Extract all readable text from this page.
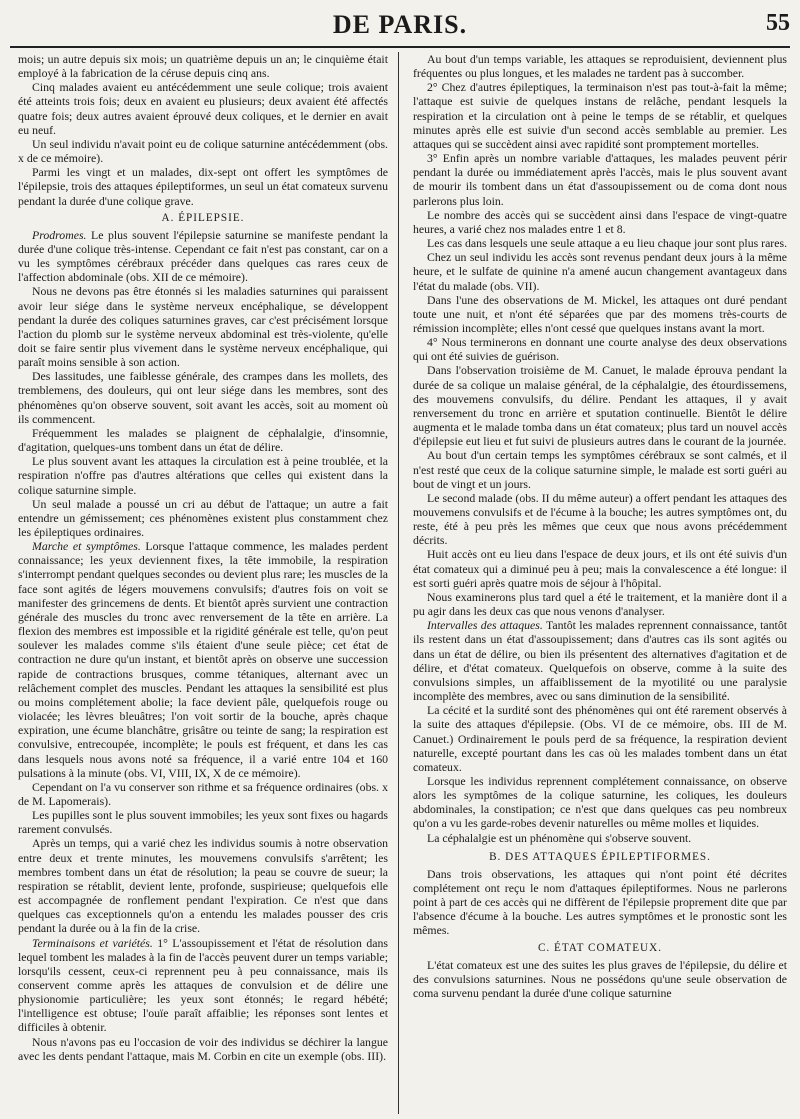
DE PARIS.	55

mois; un autre depuis six mois; un quatrième depuis un an; le cinquième était employé à la fabrication de la céruse depuis cinq ans.

Cinq malades avaient eu antécédemment une seule colique; trois avaient été atteints trois fois; deux en avaient eu plusieurs; deux avaient été affectés quatre fois; deux autres avaient éprouvé deux coliques, et le dernier en avait eu neuf.

Un seul individu n'avait point eu de colique saturnine antécédemment (obs. x de ce mémoire).

Parmi les vingt et un malades, dix-sept ont offert les symptômes de l'épilepsie, trois des attaques épileptiformes, un seul un état comateux survenu pendant la durée d'une colique grave.

A. ÉPILEPSIE.

Prodromes. Le plus souvent l'épilepsie saturnine se manifeste pendant la durée d'une colique très-intense. Cependant ce fait n'est pas constant, car on a vu les symptômes cérébraux précéder dans quelques cas rares ceux de l'affection abdominale (obs. XII de ce mémoire).

Nous ne devons pas être étonnés si les maladies saturnines qui paraissent avoir leur siége dans le système nerveux encéphalique, se développent pendant la durée des coliques saturnines graves, car c'est précisément lorsque l'action du plomb sur le système nerveux abdominal est très-violente, qu'elle doit se faire sentir plus vivement dans le système nerveux encéphalique, qui paraît moins sensible à son action.

Des lassitudes, une faiblesse générale, des crampes dans les mollets, des tremblemens, des douleurs, qui ont leur siége dans les membres, sont des phénomènes qu'on observe souvent, soit avant les accès, soit au moment où ils commencent.

Fréquemment les malades se plaignent de céphalalgie, d'insomnie, d'agitation, quelques-uns tombent dans un état de délire.

Le plus souvent avant les attaques la circulation est à peine troublée, et la respiration n'offre pas d'autres altérations que celles qui existent dans la colique saturnine simple.

Un seul malade a poussé un cri au début de l'attaque; un autre a fait entendre un gémissement; ces phénomènes existent plus constamment chez les épileptiques ordinaires.

Marche et symptômes. Lorsque l'attaque commence, les malades perdent connaissance; les yeux deviennent fixes, la tête immobile, la respiration s'interrompt pendant quelques secondes ou devient plus rare; les muscles de la face sont agités de légers mouvemens convulsifs; d'autres fois on voit se manifester des grincemens de dents. Et bientôt après survient une contraction générale des muscles du tronc avec renversement de la tête en arrière. La flexion des membres est impossible et la rigidité générale est telle, qu'on peut soulever les malades comme s'ils étaient d'une seule pièce; cet état de contraction ne dure qu'un instant, et bientôt après on observe une succession rapide de contractions brusques, comme tétaniques, alternant avec un relâchement complet des muscles. Pendant les attaques la sensibilité est plus ou moins complétement abolie; la face devient pâle, quelquefois rouge ou violacée; les lèvres bleuâtres; l'on voit sortir de la bouche, après chaque expiration, une écume blanchâtre, grisâtre ou teinte de sang; la respiration est convulsive, entrecoupée, incomplète; le pouls est fréquent, et dans les cas dans lesquels nous avons noté sa fréquence, il a varié entre 104 et 160 pulsations à la minute (obs. VI, VIII, IX, X de ce mémoire).

Cependant on l'a vu conserver son rithme et sa fréquence ordinaires (obs. x de M. Lapomerais).

Les pupilles sont le plus souvent immobiles; les yeux sont fixes ou hagards rarement convulsés.

Après un temps, qui a varié chez les individus soumis à notre observation entre deux et trente minutes, les mouvemens convulsifs s'arrêtent; les membres tombent dans un état de résolution; la peau se couvre de sueur; la respiration se rétablit, devient lente, profonde, suspirieuse; quelquefois elle est accompagnée de ronflement pendant l'expiration. Ce n'est que dans quelques cas exceptionnels qu'on a entendu les malades pousser des cris pendant la durée ou à la fin de la crise.

Terminaisons et variétés. 1° L'assoupissement et l'état de résolution dans lequel tombent les malades à la fin de l'accès peuvent durer un temps variable; lorsqu'ils cessent, ceux-ci reprennent peu à peu connaissance, mais ils conservent comme après les attaques de convulsion et de délire une physionomie particulière; les yeux sont étonnés; le regard hébété; l'intelligence est obtuse; l'ouïe paraît affaiblie; les réponses sont lentes et difficiles à obtenir.

Nous n'avons pas eu l'occasion de voir des individus se déchirer la langue avec les dents pendant l'attaque, mais M. Corbin en cite un exemple (obs. III).

Au bout d'un temps variable, les attaques se reproduisient, deviennent plus fréquentes ou plus longues, et les malades ne tardent pas à succomber.

2° Chez d'autres épileptiques, la terminaison n'est pas tout-à-fait la même; l'attaque est suivie de quelques instans de relâche, pendant lesquels la respiration et la circulation ont à peine le temps de se rétablir, et quelques minutes après elle est suivie d'un second accès semblable au premier. Les attaques qui se succèdent ainsi avec rapidité sont promptement mortelles.

3° Enfin après un nombre variable d'attaques, les malades peuvent périr pendant la durée ou immédiatement après l'accès, mais le plus souvent avant de mourir ils tombent dans un état d'assoupissement ou de coma dont nous parlerons plus loin.

Le nombre des accès qui se succèdent ainsi dans l'espace de vingt-quatre heures, a varié chez nos malades entre 1 et 8.

Les cas dans lesquels une seule attaque a eu lieu chaque jour sont plus rares.

Chez un seul individu les accès sont revenus pendant deux jours à la même heure, et le sulfate de quinine n'a amené aucun changement avantageux dans l'état du malade (obs. VII).

Dans l'une des observations de M. Mickel, les attaques ont duré pendant toute une nuit, et n'ont été séparées que par des momens très-courts de rémission incomplète; elles n'ont cessé que quelques instans avant la mort.

4° Nous terminerons en donnant une courte analyse des deux observations qui ont été suivies de guérison.

Dans l'observation troisième de M. Canuet, le malade éprouva pendant la durée de sa colique un malaise général, de la céphalalgie, des étourdissemens, des mouvemens convulsifs, du délire. Pendant les attaques, il y avait renversement du tronc en arrière et sputation continuelle. Bientôt le délire augmenta et le malade tomba dans un état comateux; plus tard un nouvel accès d'épilepsie eut lieu et fut suivi de plusieurs autres dans le courant de la journée.

Au bout d'un certain temps les symptômes cérébraux se sont calmés, et il n'est resté que ceux de la colique saturnine simple, le malade est sorti guéri au bout de vingt et un jours.

Le second malade (obs. II du même auteur) a offert pendant les attaques des mouvemens convulsifs et de l'écume à la bouche; les autres symptômes ont, du reste, été à peu près les mêmes que ceux que nous avons précédemment décrits.

Huit accès ont eu lieu dans l'espace de deux jours, et ils ont été suivis d'un état comateux qui a diminué peu à peu; mais la convalescence a été longue: il est sorti guéri après quatre mois de séjour à l'hôpital.

Nous examinerons plus tard quel a été le traitement, et la manière dont il a pu agir dans les deux cas que nous venons d'analyser.

Intervalles des attaques. Tantôt les malades reprennent connaissance, tantôt ils restent dans un état d'assoupissement; dans d'autres cas ils sont agités ou dans un état de délire, ou bien ils présentent des alternatives d'agitation et de délire, et d'état comateux. Quelquefois on observe, comme à la suite des convulsions simples, un affaiblissement de la myotilité ou une paralysie incomplète des membres, avec ou sans diminution de la sensibilité.

La cécité et la surdité sont des phénomènes qui ont été rarement observés à la suite des attaques d'épilepsie. (Obs. VI de ce mémoire, obs. III de M. Canuet.) Ordinairement le pouls perd de sa fréquence, la respiration devient naturelle, excepté pourtant dans les cas où les malades tombent dans un état comateux.

Lorsque les individus reprennent complétement connaissance, on observe alors les symptômes de la colique saturnine, les coliques, les douleurs abdominales, la constipation; ce n'est que dans quelques cas peu nombreux qu'on a vu les garde-robes devenir naturelles ou même molles et liquides.

La céphalalgie est un phénomène qui s'observe souvent.

B. DES ATTAQUES ÉPILEPTIFORMES.

Dans trois observations, les attaques qui n'ont point été décrites complétement ont reçu le nom d'attaques épileptiformes. Nous ne parlerons point à part de ces accès qui ne diffèrent de l'épilepsie proprement dite que par l'absence d'écume à la bouche. Les autres symptômes et le pronostic sont les mêmes.

C. ÉTAT COMATEUX.

L'état comateux est une des suites les plus graves de l'épilepsie, du délire et des convulsions saturnines. Nous ne possédons qu'une seule observation de coma survenu pendant la durée d'une colique saturnine
